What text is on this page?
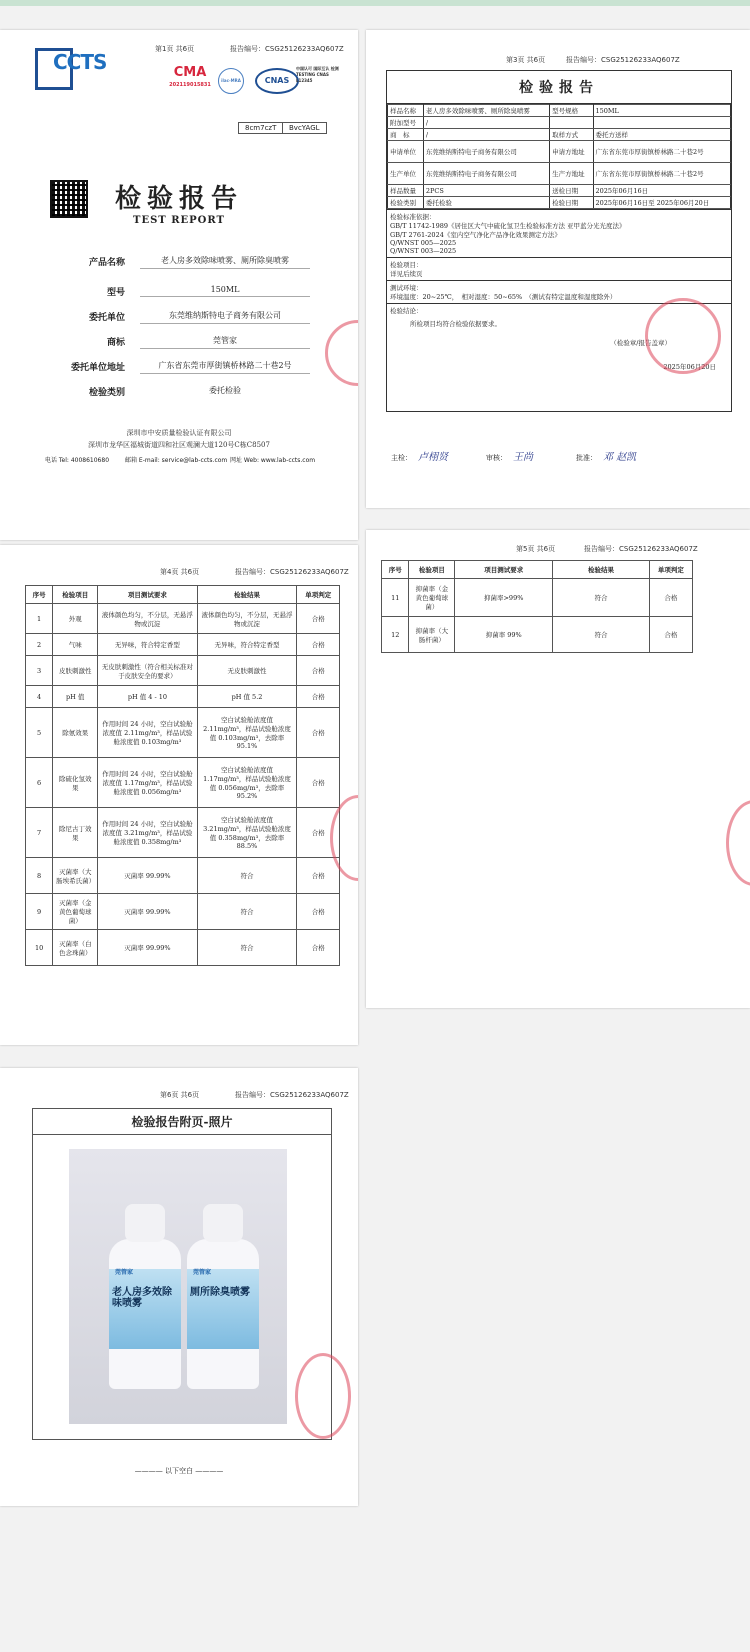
CCTS
第1页 共6页	报告编号：CSG25126233AQ607Z
CMA
202119015831
ilac-MRA	CNAS
中国认可 国际互认 检测 TESTING CNAS L12345
8cm7czT	BvcYAGL
检验报告
TEST REPORT
产品名称	老人房多效除味喷雾、厕所除臭喷雾
型号	150ML
委托单位	东莞维纳斯特电子商务有限公司
商标	莞管家
委托单位地址	广东省东莞市厚街镇桥林路二十巷2号
检验类别	委托检验
深圳市中安质量检验认证有限公司
深圳市龙华区福城街道四和社区观澜大道120号C栋C8507
电话 Tel: 4008610680	邮箱 E-mail: service@lab-ccts.com 网址 Web: www.lab-ccts.com
第3页 共6页	报告编号：CSG25126233AQ607Z
检验报告
样品名称	老人房多效除味喷雾、厕所除臭喷雾	型号规格	150ML
附加型号	/		
商　标	/	取样方式	委托方送样
申请单位	东莞维纳斯特电子商务有限公司	申请方地址	广东省东莞市厚街镇桥林路二十巷2号
生产单位	东莞维纳斯特电子商务有限公司	生产方地址	广东省东莞市厚街镇桥林路二十巷2号
样品数量	2PCS	送检日期	2025年06月16日
检验类别	委托检验	检验日期	2025年06月16日至 2025年06月20日
检验标准依据：
GB/T 11742-1989《居住区大气中硫化氢卫生检验标准方法 亚甲蓝分光光度法》
GB/T 2761-2024《室内空气净化产品净化效果测定方法》
Q/WNST 005—2025
Q/WNST 003—2025
检验项目：
详见后续页
测试环境：
环境温度：20~25℃，　相对湿度：50~65%　（测试有特定温度和湿度除外）
检验结论：
所检项目均符合检验依据要求。
（检验章/报告盖章）
2025年06月20日
主检： 卢栩贤	审核： 王尚	批准： 邓 赵凯
第4页 共6页	报告编号：CSG25126233AQ607Z
序号	检验项目	项目测试要求	检验结果	单项判定
1	外观	液体颜色均匀，不分层，无悬浮物或沉淀	液体颜色均匀，不分层，无悬浮物或沉淀	合格
2	气味	无异味，符合特定香型	无异味，符合特定香型	合格
3	皮肤刺激性	无皮肤刺激性（符合相关标准对于皮肤安全的要求）	无皮肤刺激性	合格
4	pH 值	pH 值 4 - 10	pH 值 5.2	合格
5	除氨效果	作用时间 24 小时，空白试验舱浓度值 2.11mg/m³，样品试验舱浓度值 0.103mg/m³	空白试验舱浓度值 2.11mg/m³，样品试验舱浓度值 0.103mg/m³，去除率 95.1%	合格
6	除硫化氢效果	作用时间 24 小时，空白试验舱浓度值 1.17mg/m³，样品试验舱浓度值 0.056mg/m³	空白试验舱浓度值 1.17mg/m³，样品试验舱浓度值 0.056mg/m³，去除率 95.2%	合格
7	除尼古丁效果	作用时间 24 小时，空白试验舱浓度值 3.21mg/m³，样品试验舱浓度值 0.358mg/m³	空白试验舱浓度值 3.21mg/m³，样品试验舱浓度值 0.358mg/m³，去除率 88.5%	合格
8	灭菌率（大肠埃希氏菌）	灭菌率 99.99%	符合	合格
9	灭菌率（金黄色葡萄球菌）	灭菌率 99.99%	符合	合格
10	灭菌率（白色念珠菌）	灭菌率 99.99%	符合	合格
第5页 共6页	报告编号：CSG25126233AQ607Z
序号	检验项目	项目测试要求	检验结果	单项判定
11	抑菌率（金黄色葡萄球菌）	抑菌率>99%	符合	合格
12	抑菌率（大肠杆菌）	抑菌率 99%	符合	合格
第6页 共6页	报告编号：CSG25126233AQ607Z
检验报告附页-照片
莞管家
老人房多效除味喷雾
莞管家
厕所除臭喷雾
———— 以下空白 ————
